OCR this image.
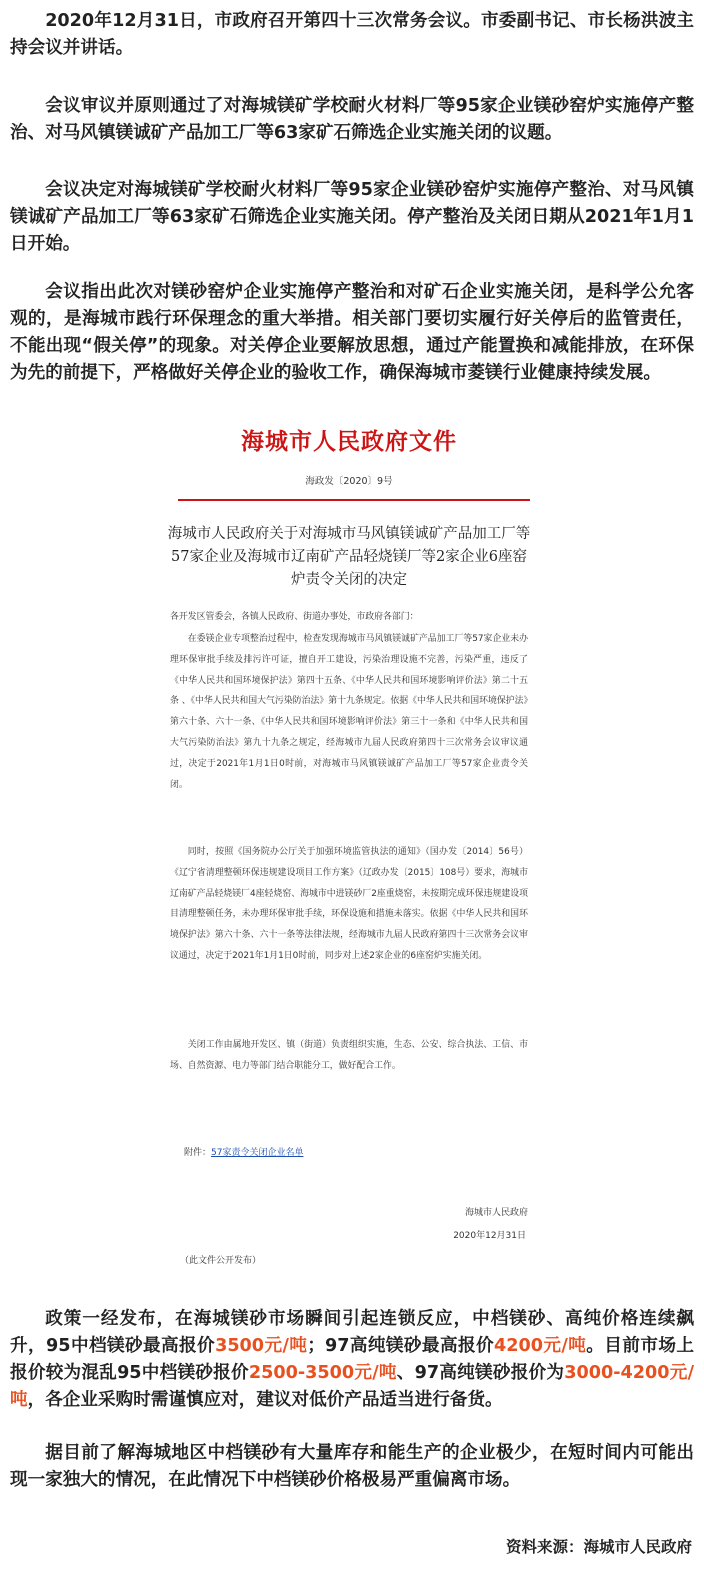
2020年12月31日，市政府召开第四十三次常务会议。市委副书记、市长杨洪波主持会议并讲话。

会议审议并原则通过了对海城镁矿学校耐火材料厂等95家企业镁砂窑炉实施停产整治、对马风镇镁诚矿产品加工厂等63家矿石筛选企业实施关闭的议题。

会议决定对海城镁矿学校耐火材料厂等95家企业镁砂窑炉实施停产整治、对马风镇镁诚矿产品加工厂等63家矿石筛选企业实施关闭。停产整治及关闭日期从2021年1月1日开始。

会议指出此次对镁砂窑炉企业实施停产整治和对矿石企业实施关闭，是科学公允客观的，是海城市践行环保理念的重大举措。相关部门要切实履行好关停后的监管责任，不能出现“假关停”的现象。对关停企业要解放思想，通过产能置换和减能排放，在环保为先的前提下，严格做好关停企业的验收工作，确保海城市菱镁行业健康持续发展。

海城市人民政府文件
海政发〔2020〕9号

海城市人民政府关于对海城市马风镇镁诚矿产品加工厂等57家企业及海城市辽南矿产品轻烧镁厂等2家企业6座窑炉责令关闭的决定

各开发区管委会，各镇人民政府、街道办事处，市政府各部门：

在委镁企业专项整治过程中，检查发现海城市马风镇镁诚矿产品加工厂等57家企业未办理环保审批手续及排污许可证，擅自开工建设，污染治理设施不完善，污染严重，违反了《中华人民共和国环境保护法》第四十五条、《中华人民共和国环境影响评价法》第二十五条 、《中华人民共和国大气污染防治法》第十九条规定。依据《中华人民共和国环境保护法》第六十条、六十一条、《中华人民共和国环境影响评价法》第三十一条和《中华人民共和国大气污染防治法》第九十九条之规定，经海城市九届人民政府第四十三次常务会议审议通过，决定于2021年1月1日0时前，对海城市马风镇镁诚矿产品加工厂等57家企业责令关闭。

同时，按照《国务院办公厅关于加强环境监管执法的通知》（国办发〔2014〕56号）《辽宁省清理整顿环保违规建设项目工作方案》（辽政办发〔2015〕108号）要求，海城市辽南矿产品轻烧镁厂4座轻烧窑、海城市中进镁砂厂2座重烧窑，未按期完成环保违规建设项目清理整顿任务，未办理环保审批手续，环保设施和措施未落实。依据《中华人民共和国环境保护法》第六十条、六十一条等法律法规，经海城市九届人民政府第四十三次常务会议审议通过，决定于2021年1月1日0时前，同步对上述2家企业的6座窑炉实施关闭。

关闭工作由属地开发区、镇（街道）负责组织实施，生态、公安、综合执法、工信、市场、自然资源、电力等部门结合职能分工，做好配合工作。

附件：57家责令关闭企业名单

海城市人民政府

2020年12月31日

（此文件公开发布）

政策一经发布，在海城镁砂市场瞬间引起连锁反应，中档镁砂、高纯价格连续飙升，95中档镁砂最高报价3500元/吨；97高纯镁砂最高报价4200元/吨。目前市场上报价较为混乱95中档镁砂报价2500-3500元/吨、97高纯镁砂报价为3000-4200元/吨，各企业采购时需谨慎应对，建议对低价产品适当进行备货。

据目前了解海城地区中档镁砂有大量库存和能生产的企业极少，在短时间内可能出现一家独大的情况，在此情况下中档镁砂价格极易严重偏离市场。

资料来源：海城市人民政府
